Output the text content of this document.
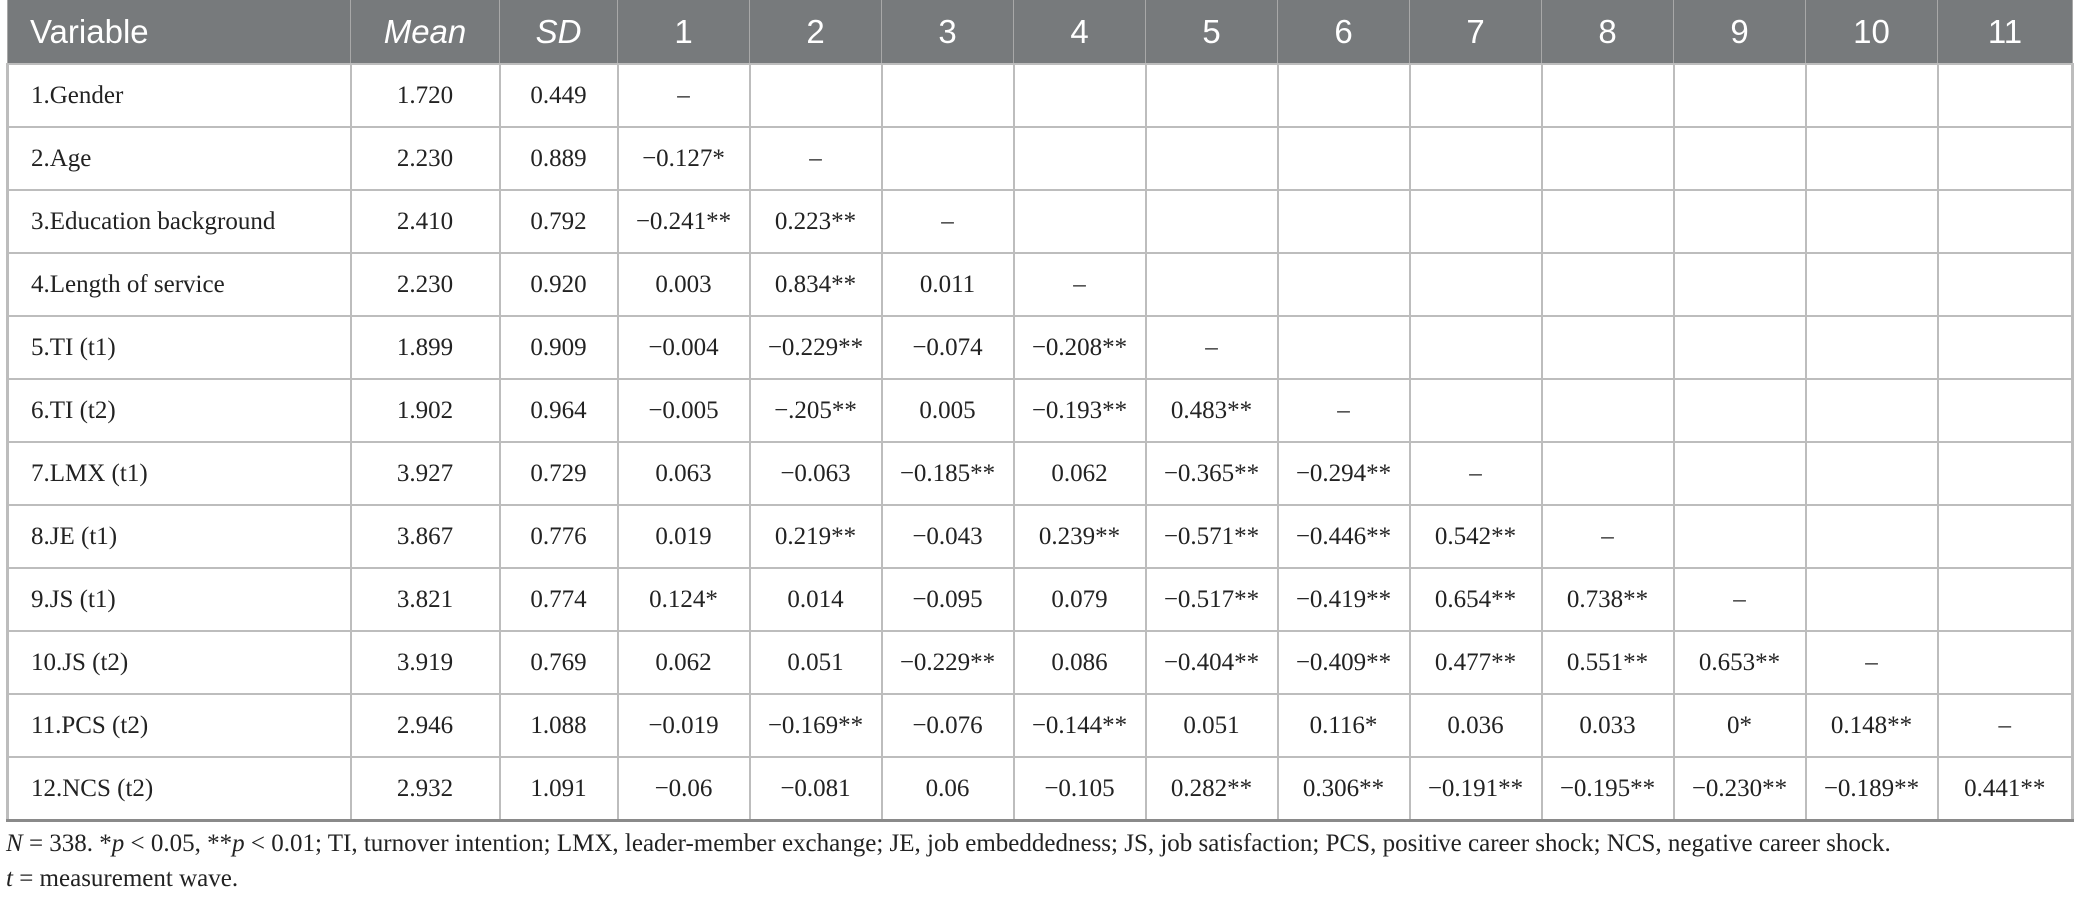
Variable	Mean	SD	1	2	3	4	5	6	7	8	9	10	11
1.Gender	1.720	0.449	–										
2.Age	2.230	0.889	−0.127*	–									
3.Education background	2.410	0.792	−0.241**	0.223**	–								
4.Length of service	2.230	0.920	0.003	0.834**	0.011	–							
5.TI (t1)	1.899	0.909	−0.004	−0.229**	−0.074	−0.208**	–						
6.TI (t2)	1.902	0.964	−0.005	−.205**	0.005	−0.193**	0.483**	–					
7.LMX (t1)	3.927	0.729	0.063	−0.063	−0.185**	0.062	−0.365**	−0.294**	–				
8.JE (t1)	3.867	0.776	0.019	0.219**	−0.043	0.239**	−0.571**	−0.446**	0.542**	–			
9.JS (t1)	3.821	0.774	0.124*	0.014	−0.095	0.079	−0.517**	−0.419**	0.654**	0.738**	–		
10.JS (t2)	3.919	0.769	0.062	0.051	−0.229**	0.086	−0.404**	−0.409**	0.477**	0.551**	0.653**	–	
11.PCS (t2)	2.946	1.088	−0.019	−0.169**	−0.076	−0.144**	0.051	0.116*	0.036	0.033	0*	0.148**	–
12.NCS (t2)	2.932	1.091	−0.06	−0.081	0.06	−0.105	0.282**	0.306**	−0.191**	−0.195**	−0.230**	−0.189**	0.441**
N = 338. *p < 0.05, **p < 0.01; TI, turnover intention; LMX, leader-member exchange; JE, job embeddedness; JS, job satisfaction; PCS, positive career shock; NCS, negative career shock.
t = measurement wave.
